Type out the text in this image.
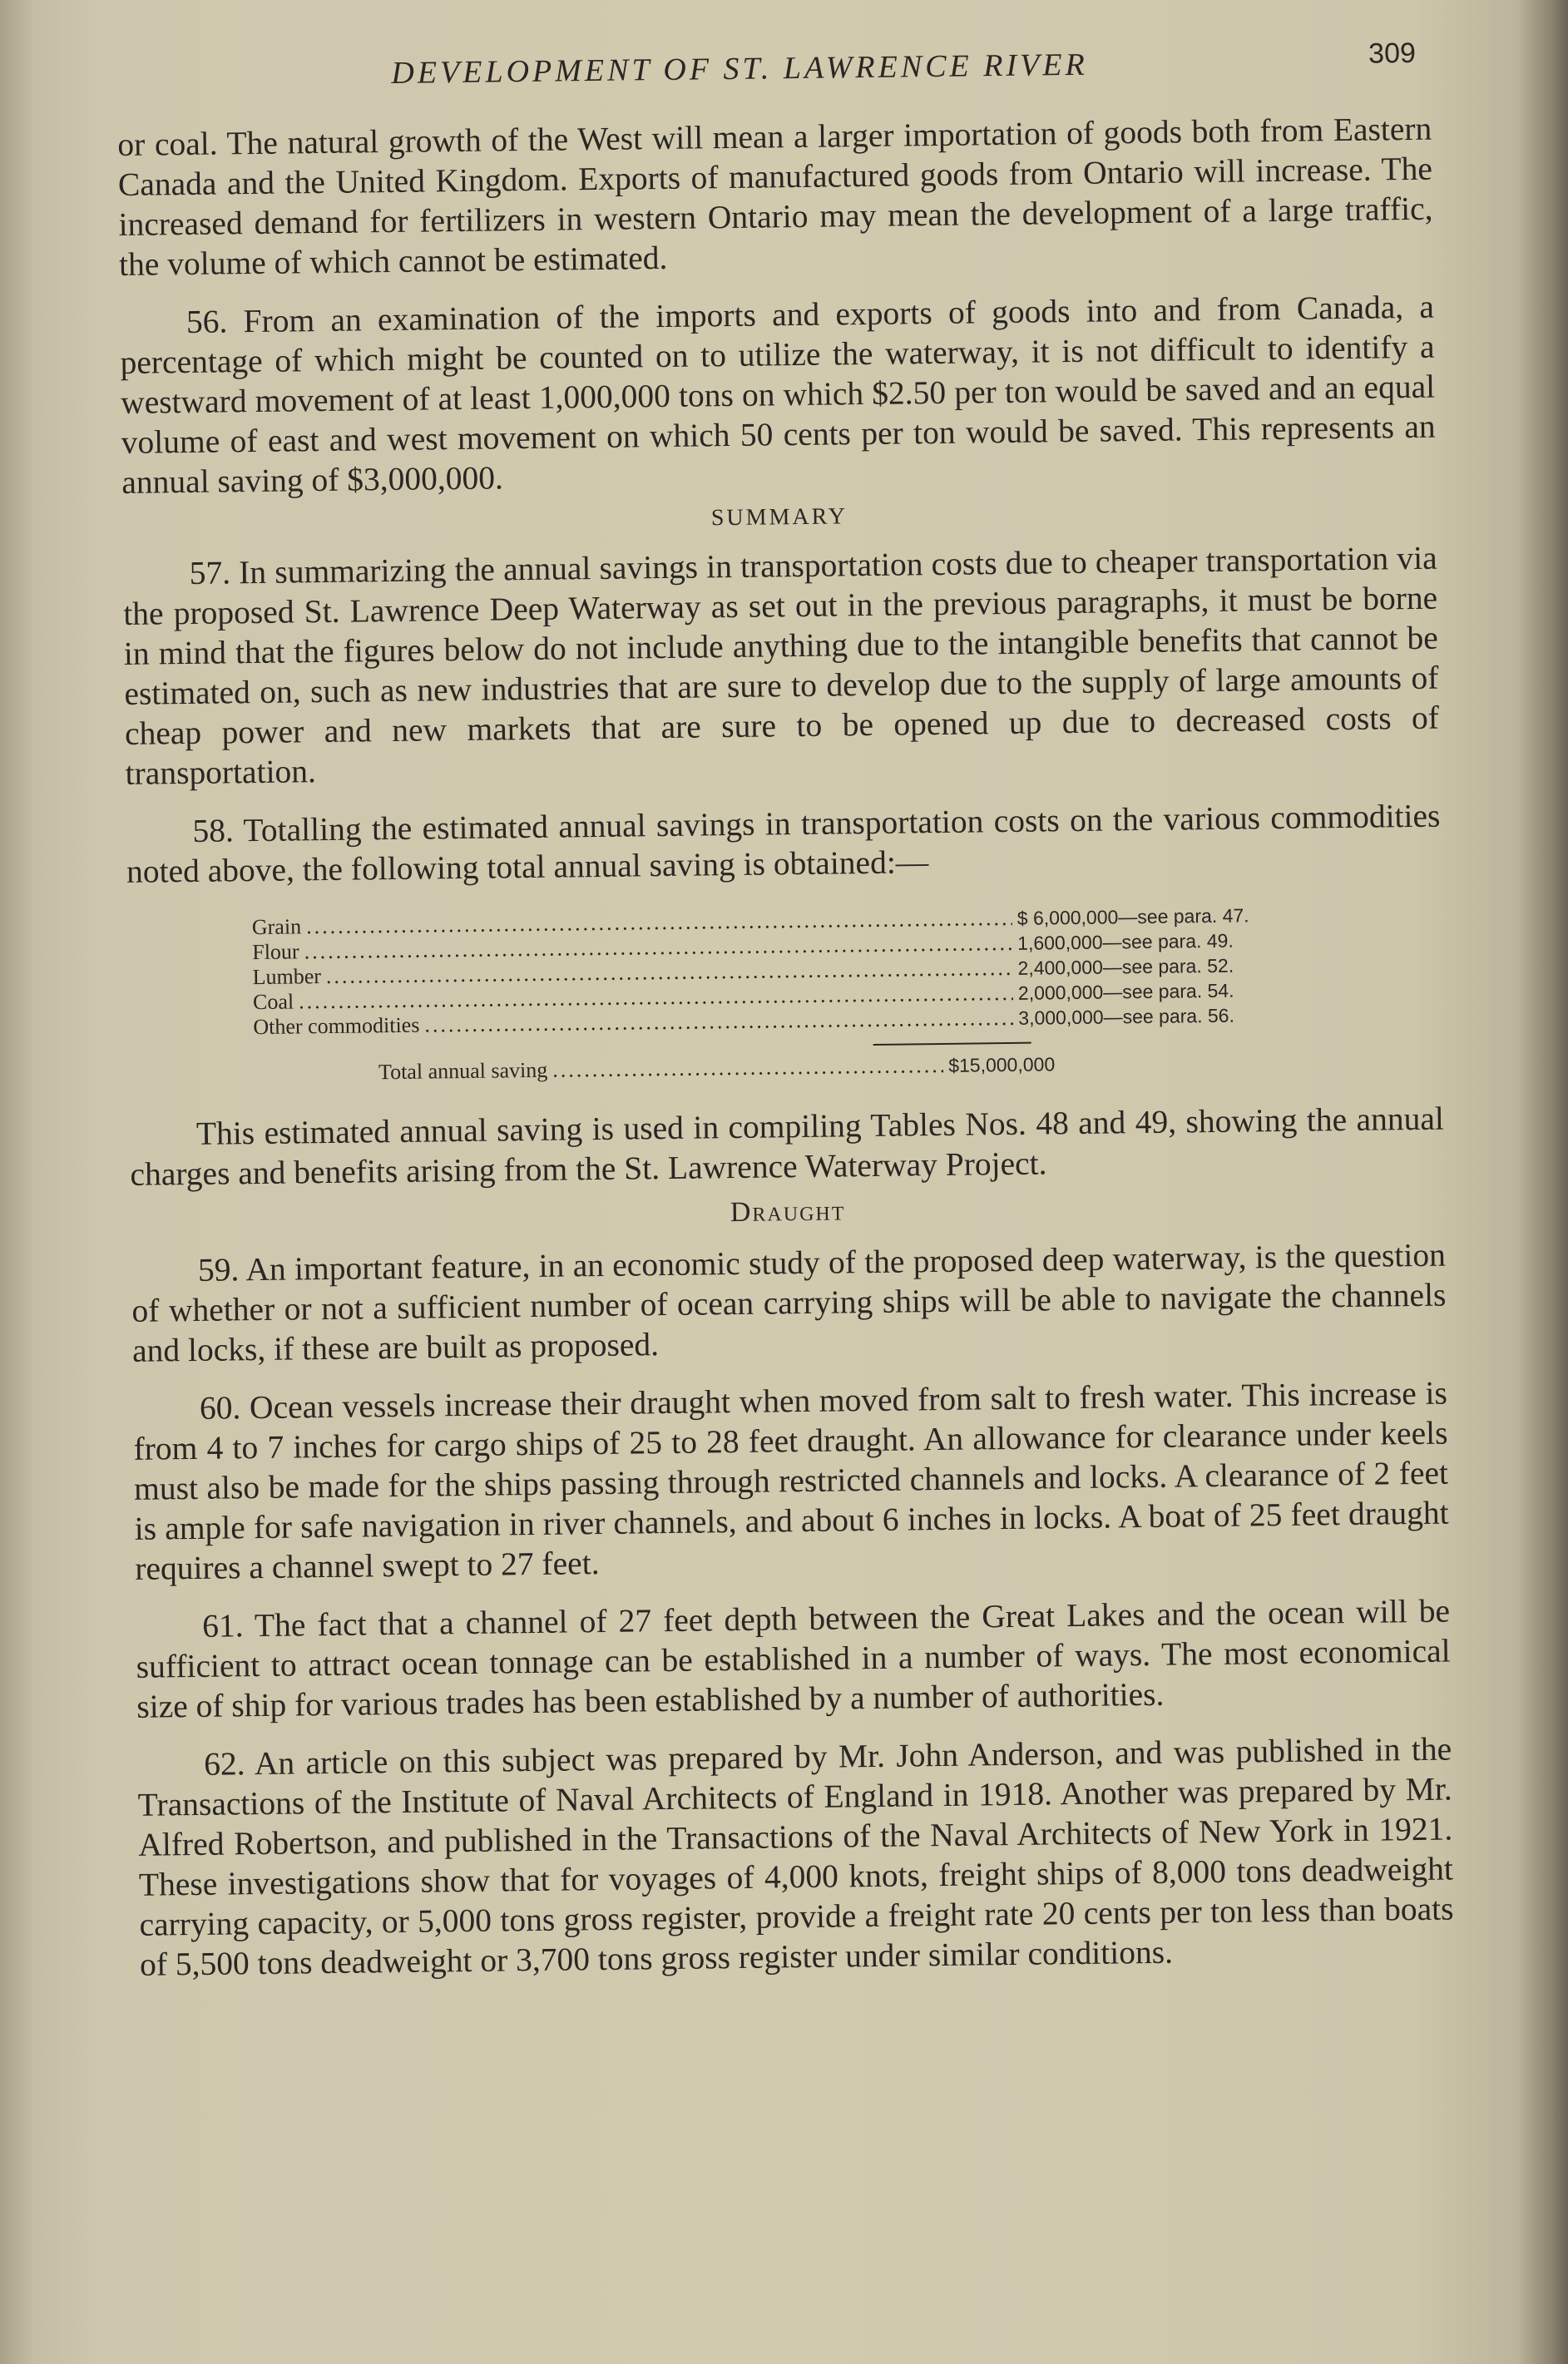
DEVELOPMENT OF ST. LAWRENCE RIVER	309

or coal. The natural growth of the West will mean a larger importation of goods both from Eastern Canada and the United Kingdom. Exports of manufactured goods from Ontario will increase. The increased demand for fertilizers in western Ontario may mean the development of a large traffic, the volume of which cannot be estimated.

56. From an examination of the imports and exports of goods into and from Canada, a percentage of which might be counted on to utilize the waterway, it is not difficult to identify a westward movement of at least 1,000,000 tons on which $2.50 per ton would be saved and an equal volume of east and west movement on which 50 cents per ton would be saved. This represents an annual saving of $3,000,000.

SUMMARY

57. In summarizing the annual savings in transportation costs due to cheaper transportation via the proposed St. Lawrence Deep Waterway as set out in the previous paragraphs, it must be borne in mind that the figures below do not include anything due to the intangible benefits that cannot be estimated on, such as new industries that are sure to develop due to the supply of large amounts of cheap power and new markets that are sure to be opened up due to decreased costs of transportation.

58. Totalling the estimated annual savings in transportation costs on the various commodities noted above, the following total annual saving is obtained:—

Grain .....	$ 6,000,000—see para. 47.
Flour .....	1,600,000—see para. 49.
Lumber .....	2,400,000—see para. 52.
Coal .....	2,000,000—see para. 54.
Other commodities .....	3,000,000—see para. 56.
Total annual saving .....	$15,000,000

This estimated annual saving is used in compiling Tables Nos. 48 and 49, showing the annual charges and benefits arising from the St. Lawrence Waterway Project.

Draught

59. An important feature, in an economic study of the proposed deep waterway, is the question of whether or not a sufficient number of ocean carrying ships will be able to navigate the channels and locks, if these are built as proposed.

60. Ocean vessels increase their draught when moved from salt to fresh water. This increase is from 4 to 7 inches for cargo ships of 25 to 28 feet draught. An allowance for clearance under keels must also be made for the ships passing through restricted channels and locks. A clearance of 2 feet is ample for safe navigation in river channels, and about 6 inches in locks. A boat of 25 feet draught requires a channel swept to 27 feet.

61. The fact that a channel of 27 feet depth between the Great Lakes and the ocean will be sufficient to attract ocean tonnage can be established in a number of ways. The most economical size of ship for various trades has been established by a number of authorities.

62. An article on this subject was prepared by Mr. John Anderson, and was published in the Transactions of the Institute of Naval Architects of England in 1918. Another was prepared by Mr. Alfred Robertson, and published in the Transactions of the Naval Architects of New York in 1921. These investigations show that for voyages of 4,000 knots, freight ships of 8,000 tons deadweight carrying capacity, or 5,000 tons gross register, provide a freight rate 20 cents per ton less than boats of 5,500 tons deadweight or 3,700 tons gross register under similar conditions.
